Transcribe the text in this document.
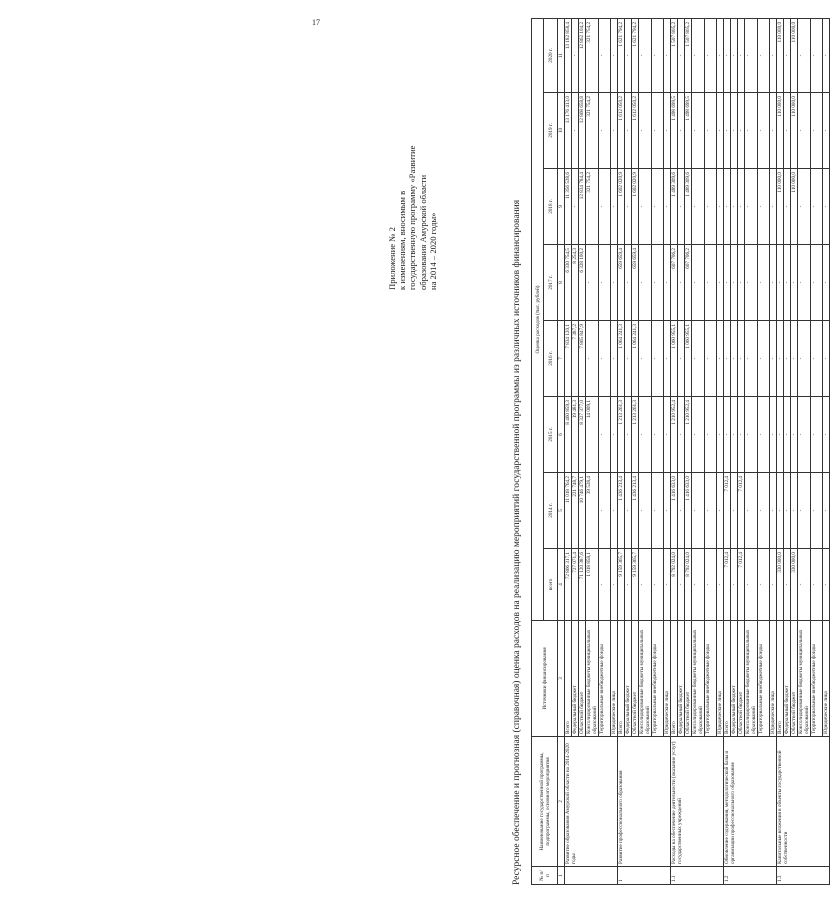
17
Приложение № 2 к изменениям, вносимым в государственную программу «Развитие образования Амурской области на 2014 – 2020 годы»	Ресурсное обеспечение и прогнозная (справочная) оценка расходов на реализацию мероприятий государственной программы из различных источников финансирования	№ п/п	Наименование государственной программы, подпрограммы, основного мероприятия	Источники финансирования	Оценка расходов (тыс. рублей)							
			всего	2014 г.	2015 г.	2016 г.	2017 г.	2018 г.	2019 г.	2020 г.
1	2	3	4	5	6	7	8	9	10	11
	Развитие образования Амурской области на 2014-2020 годы	Всего	72 866 317,1	11 018 764,2	8 460 859,3	7 834 120,1	6 330 754,5	11 356 538,6	13 176 413,0	13 182 858,4
		Федеральный бюджет	727 071,4	221 748,7	19 481,3	7 387,2	8 254,3	-	-	-
		Областной бюджет	71 120 387,6	10 746 479,1	8 327 377,0	7 865 847,9	6 328 100,2	12 834 784,4	12 868 658,8	12 862 104,2
		Консолидированные бюджеты муниципальных образований	1 018 858,1	39 538,4	14 009,1	-	-	321 754,2	321 754,2	321 754,2
		Территориальные внебюджетные фонды	-	-	-	-	-	-	-	-
		Юридические лица	-	-	-	-	-	-	-	-
1	Развитие профессионального образования	Всего	9 159 365,7	1 436 213,4	1 213 261,3	1 064 241,3	659 659,4	1 602 020,9	1 612 050,2	1 621 794,2
		Федеральный бюджет	-	-	-	-	-	-	-	-
		Областной бюджет	9 159 365,7	1 436 213,4	1 213 261,3	1 064 241,3	659 659,4	1 602 020,9	1 612 050,2	1 621 794,2
		Консолидированные бюджеты муниципальных образований	-	-	-	-	-	-	-	-
		Территориальные внебюджетные фонды	-	-	-	-	-	-	-	-
		Юридические лица	-	-	-	-	-	-	-	-
1.1	Расходы на обеспечение деятельности (оказание услуг) государственных учреждений	Всего	8 792 024,0	1 416 633,0	1 210 952,4	1 060 955,1	607 706,2	1 489 309,6	1 498 699,5	1 507 805,2
		Федеральный бюджет	-	-	-	-	-	-	-	-
		Областной бюджет	8 792 024,0	1 416 633,0	1 210 952,4	1 060 955,1	607 706,2	1 489 309,6	1 498 699,5	1 507 805,2
		Консолидированные бюджеты муниципальных образований	-	-	-	-	-	-	-	-
		Территориальные внебюджетные фонды	-	-	-	-	-	-	-	-
		Юридические лица	-	-	-	-	-	-	-	-
1.2	Обновление содержания, методологической базы и организации профессионального образования	Всего	7 012,4	7 012,4	-	-	-	-	-	-
		Федеральный бюджет	-	-	-	-	-	-	-	-
		Областной бюджет	7 012,4	7 012,4	-	-	-	-	-	-
		Консолидированные бюджеты муниципальных образований	-	-	-	-	-	-	-	-
		Территориальные внебюджетные фонды	-	-	-	-	-	-	-	-
		Юридические лица	-	-	-	-	-	-	-	-
1.3	Капитальные вложения в объекты государственной собственности	Всего	330 000,0	-	-	-	-	110 000,0	110 000,0	110 000,0
		Федеральный бюджет	-	-	-	-	-	-	-	-
		Областной бюджет	330 000,0	-	-	-	-	110 000,0	110 000,0	110 000,0
		Консолидированные бюджеты муниципальных образований	-	-	-	-	-	-	-	-
		Территориальные внебюджетные фонды	-	-	-	-	-	-	-	-
		Юридические лица	-	-	-	-	-	-	-	-
